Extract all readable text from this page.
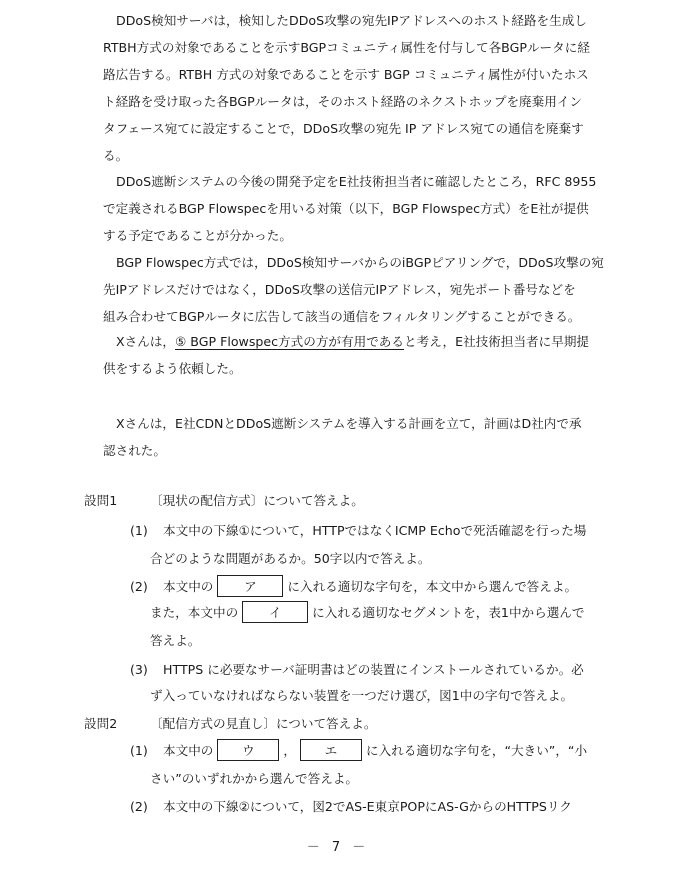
DDoS検知サーバは，検知したDDoS攻撃の宛先IPアドレスへのホスト経路を生成し
RTBH方式の対象であることを示すBGPコミュニティ属性を付与して各BGPルータに経
路広告する。RTBH 方式の対象であることを示す BGP コミュニティ属性が付いたホス
ト経路を受け取った各BGPルータは，そのホスト経路のネクストホップを廃棄用イン
タフェース宛てに設定することで，DDoS攻撃の宛先 IP アドレス宛ての通信を廃棄す
る。
DDoS遮断システムの今後の開発予定をE社技術担当者に確認したところ，RFC 8955
で定義されるBGP Flowspecを用いる対策（以下，BGP Flowspec方式）をE社が提供
する予定であることが分かった。
BGP Flowspec方式では，DDoS検知サーバからのiBGPピアリングで，DDoS攻撃の宛
先IPアドレスだけではなく，DDoS攻撃の送信元IPアドレス，宛先ポート番号などを
組み合わせてBGPルータに広告して該当の通信をフィルタリングすることができる。
Xさんは，⑤ BGP Flowspec方式の方が有用であると考え，E社技術担当者に早期提
供をするよう依頼した。
Xさんは，E社CDNとDDoS遮断システムを導入する計画を立て，計画はD社内で承
認された。
設問1	〔現状の配信方式〕について答えよ。
(1) 本文中の下線①について，HTTPではなくICMP Echoで死活確認を行った場
合どのような問題があるか。50字以内で答えよ。
(2) 本文中の ア に入れる適切な字句を，本文中から選んで答えよ。
また，本文中の イ に入れる適切なセグメントを，表1中から選んで
答えよ。
(3)
－ 7 －
HTTPS に必要なサーバ証明書はどの装置にインストールされているか。必
ず入っていなければならない装置を一つだけ選び，図1中の字句で答えよ。
設問2	〔配信方式の見直し〕について答えよ。
(1) 本文中の ウ ， エ に入れる適切な字句を，“大きい”，“小
さい”のいずれかから選んで答えよ。
(2) 本文中の下線②について，図2でAS-E東京POPにAS-GからのHTTPSリク
